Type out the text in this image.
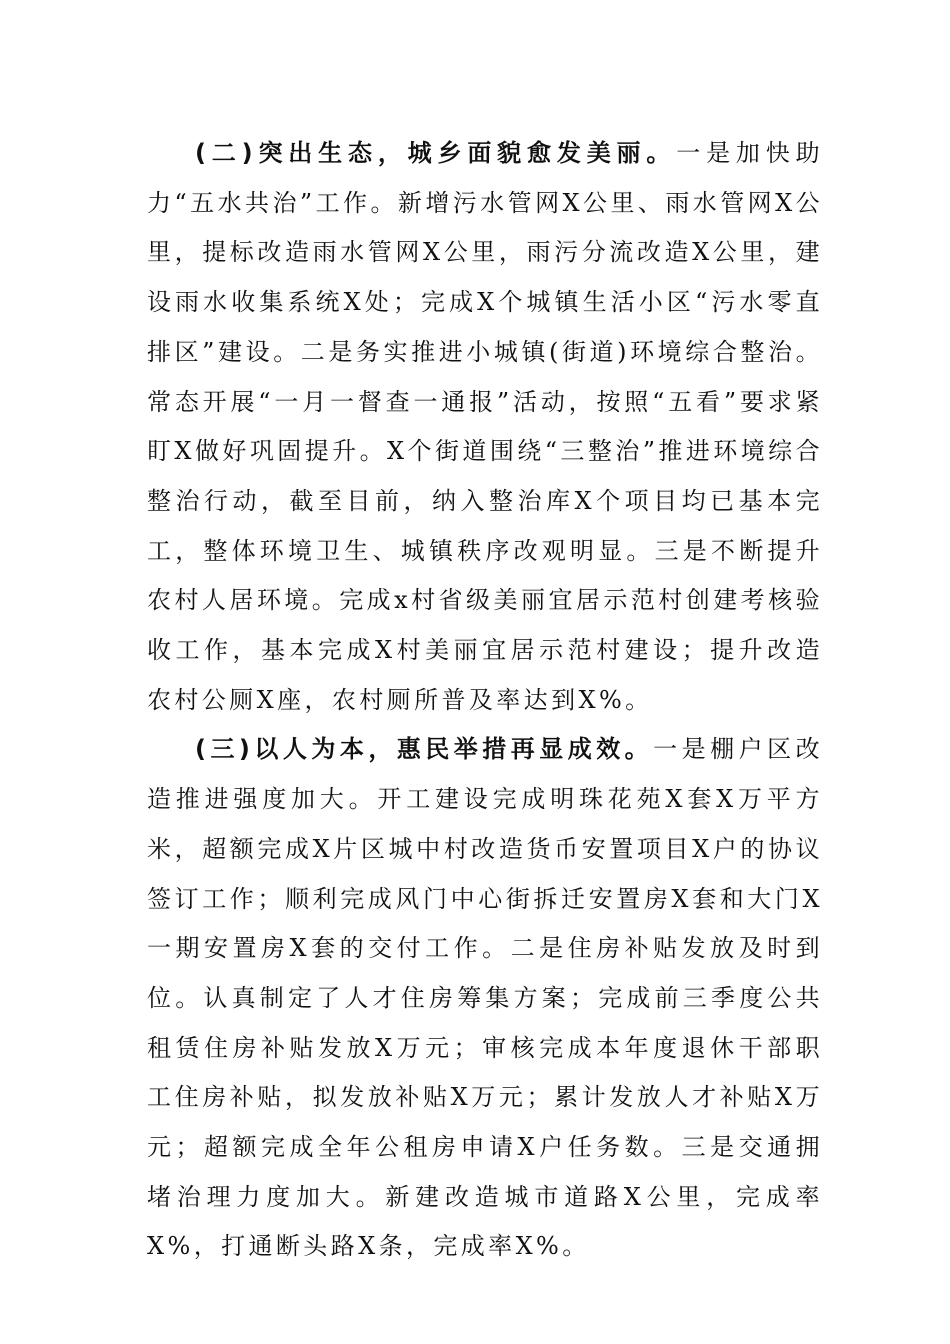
(二)突出生态，城乡面貌愈发美丽。一是加快助力“五水共治”工作。新增污水管网X公里、雨水管网X公里，提标改造雨水管网X公里，雨污分流改造X公里，建设雨水收集系统X处；完成X个城镇生活小区“污水零直排区”建设。二是务实推进小城镇(街道)环境综合整治。常态开展“一月一督查一通报”活动，按照“五看”要求紧盯X做好巩固提升。X个街道围绕“三整治”推进环境综合整治行动，截至目前，纳入整治库X个项目均已基本完工，整体环境卫生、城镇秩序改观明显。三是不断提升农村人居环境。完成x村省级美丽宜居示范村创建考核验收工作，基本完成X村美丽宜居示范村建设；提升改造农村公厕X座，农村厕所普及率达到X%。

(三)以人为本，惠民举措再显成效。一是棚户区改造推进强度加大。开工建设完成明珠花苑X套X万平方米，超额完成X片区城中村改造货币安置项目X户的协议签订工作；顺利完成风门中心街拆迁安置房X套和大门X一期安置房X套的交付工作。二是住房补贴发放及时到位。认真制定了人才住房筹集方案；完成前三季度公共租赁住房补贴发放X万元；审核完成本年度退休干部职工住房补贴，拟发放补贴X万元；累计发放人才补贴X万元；超额完成全年公租房申请X户任务数。三是交通拥堵治理力度加大。新建改造城市道路X公里，完成率X%，打通断头路X条，完成率X%。
